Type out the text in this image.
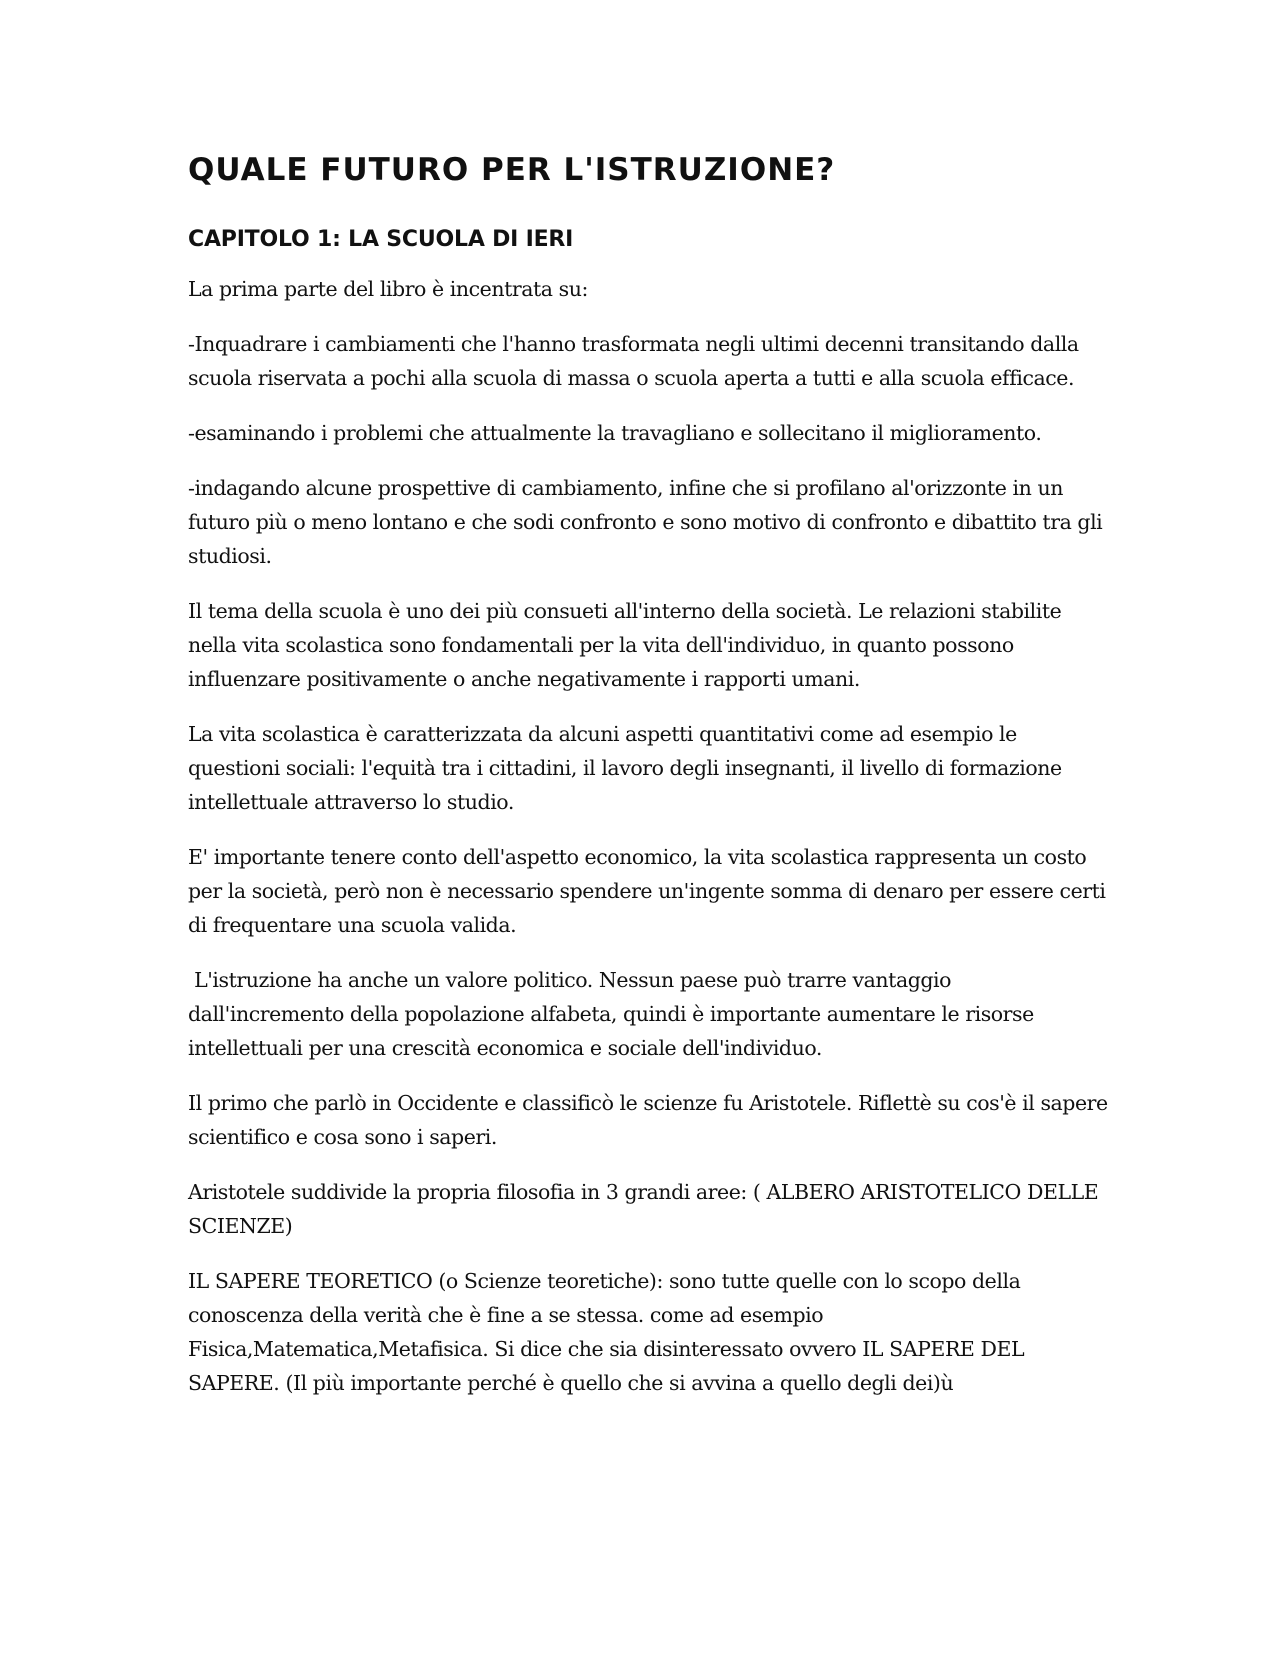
QUALE FUTURO PER L'ISTRUZIONE?
CAPITOLO 1: LA SCUOLA DI IERI

La prima parte del libro è incentrata su:

-Inquadrare i cambiamenti che l'hanno trasformata negli ultimi decenni transitando dalla scuola riservata a pochi alla scuola di massa o scuola aperta a tutti e alla scuola efficace.

-esaminando i problemi che attualmente la travagliano e sollecitano il miglioramento.

-indagando alcune prospettive di cambiamento, infine che si profilano al'orizzonte in un futuro più o meno lontano e che sodi confronto e sono motivo di confronto e dibattito tra gli studiosi.

Il tema della scuola è uno dei più consueti all'interno della società. Le relazioni stabilite nella vita scolastica sono fondamentali per la vita dell'individuo, in quanto possono influenzare positivamente o anche negativamente i rapporti umani.

La vita scolastica è caratterizzata da alcuni aspetti quantitativi come ad esempio le questioni sociali: l'equità tra i cittadini, il lavoro degli insegnanti, il livello di formazione intellettuale attraverso lo studio.

E' importante tenere conto dell'aspetto economico, la vita scolastica rappresenta un costo per la società, però non è necessario spendere un'ingente somma di denaro per essere certi di frequentare una scuola valida.

L'istruzione ha anche un valore politico. Nessun paese può trarre vantaggio dall'incremento della popolazione alfabeta, quindi è importante aumentare le risorse intellettuali per una crescità economica e sociale dell'individuo.

Il primo che parlò in Occidente e classificò le scienze fu Aristotele. Riflettè su cos'è il sapere scientifico e cosa sono i saperi.

Aristotele suddivide la propria filosofia in 3 grandi aree: ( ALBERO ARISTOTELICO DELLE SCIENZE)

IL SAPERE TEORETICO (o Scienze teoretiche): sono tutte quelle con lo scopo della conoscenza della verità che è fine a se stessa. come ad esempio Fisica,Matematica,Metafisica. Si dice che sia disinteressato ovvero IL SAPERE DEL SAPERE. (Il più importante perché è quello che si avvina a quello degli dei)ù
